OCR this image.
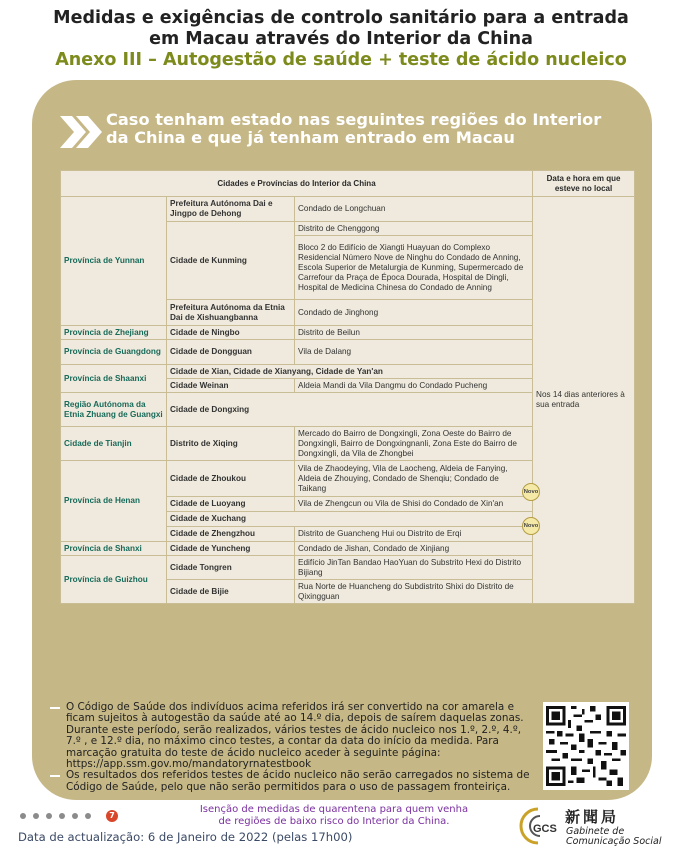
Medidas e exigências de controlo sanitário para a entrada
em Macau através do Interior da China
Anexo III – Autogestão de saúde + teste de ácido nucleico
Caso tenham estado nas seguintes regiões do Interior
da China e que já tenham entrado em Macau
Cidades e Províncias do Interior da China			Data e hora em que esteve no local
Província de Yunnan	Prefeitura Autónoma Dai e Jingpo de Dehong	Condado de Longchuan	Nos 14 dias anteriores à sua entrada
	Cidade de Kunming	Distrito de Chenggong	
		Bloco 2 do Edifício de Xiangti Huayuan do Complexo Residencial Número Nove de Ninghu do Condado de Anning, Escola Superior de Metalurgia de Kunming, Supermercado de Carrefour da Praça de Época Dourada, Hospital de Dingli, Hospital de Medicina Chinesa do Condado de Anning	
	Prefeitura Autónoma da Etnia Dai de Xishuangbanna	Condado de Jinghong	
Província de Zhejiang	Cidade de Ningbo	Distrito de Beilun	
Província de Guangdong	Cidade de Dongguan	Vila de Dalang	
Província de Shaanxi	Cidade de Xian, Cidade de Xianyang, Cidade de Yan'an		
	Cidade Weinan	Aldeia Mandi da Vila Dangmu do Condado Pucheng	
Região Autónoma da Etnia Zhuang de Guangxi	Cidade de Dongxing		
Cidade de Tianjin	Distrito de Xiqing	Mercado do Bairro de Dongxingli, Zona Oeste do Bairro de Dongxingli, Bairro de Dongxingnanli, Zona Este do Bairro de Dongxingli, da Vila de Zhongbei	
Província de Henan	Cidade de Zhoukou	Vila de Zhaodeying, Vila de Laocheng, Aldeia de Fanying, Aldeia de Zhouying, Condado de Shenqiu; Condado de Taikang	
	Cidade de Luoyang	Vila de Zhengcun ou Vila de Shisi do Condado de Xin'an	
	Cidade de Xuchang		
	Cidade de Zhengzhou	Distrito de Guancheng Hui ou Distrito de Erqi	
Província de Shanxi	Cidade de Yuncheng	Condado de Jishan, Condado de Xinjiang	
Província de Guizhou	Cidade Tongren	Edifício JinTan Bandao HaoYuan do Substrito Hexi do Distrito Bijiang	
	Cidade de Bijie	Rua Norte de Huancheng do Subdistrito Shixi do Distrito de Qixingguan	
Novo
Novo

O Código de Saúde dos indivíduos acima referidos irá ser convertido na cor amarela e ficam sujeitos à autogestão da saúde até ao 14.º dia, depois de saírem daquelas zonas. Durante este período, serão realizados, vários testes de ácido nucleico nos 1.º, 2.º, 4.º, 7.º , e 12.º dia, no máximo cinco testes, a contar da data do início da medida. Para marcação gratuita do teste de ácido nucleico aceder à seguinte página:
https://app.ssm.gov.mo/mandatoryrnatestbook

Os resultados dos referidos testes de ácido nucleico não serão carregados no sistema de Código de Saúde, pelo que não serão permitidos para o uso de passagem fronteiriça.

7
Isenção de medidas de quarentena para quem venha
de regiões de baixo risco do Interior da China.
Data de actualização: 6 de Janeiro de 2022 (pelas 17h00)
GCS
新聞局
Gabinete de
Comunicação Social
